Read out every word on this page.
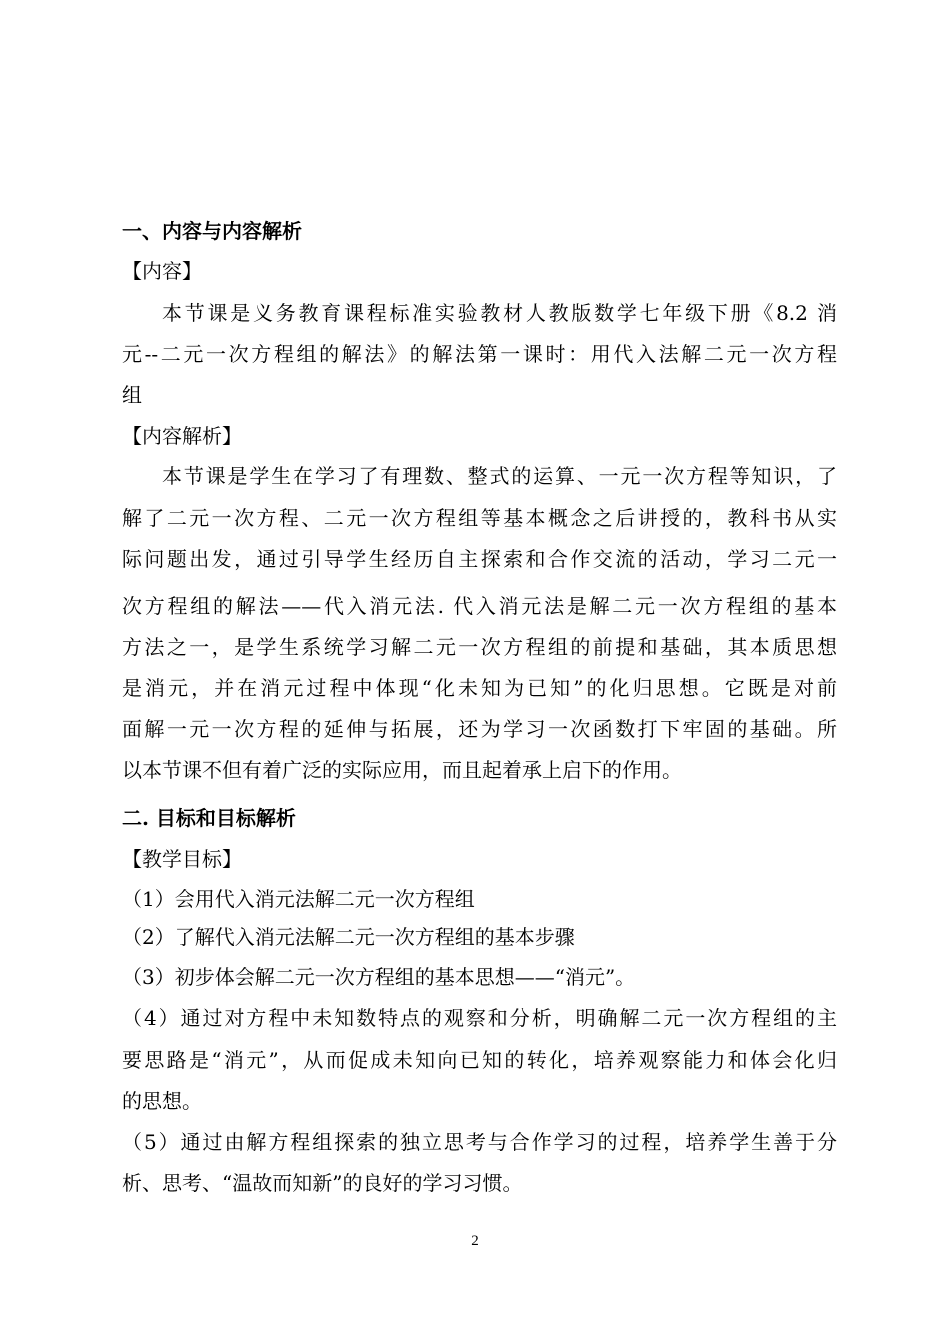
一、内容与内容解析
【内容】
本节课是义务教育课程标准实验教材人教版数学七年级下册《8.2 消
元--二元一次方程组的解法》的解法第一课时：用代入法解二元一次方程
组
【内容解析】
本节课是学生在学习了有理数、整式的运算、一元一次方程等知识，了
解了二元一次方程、二元一次方程组等基本概念之后讲授的，教科书从实
际问题出发，通过引导学生经历自主探索和合作交流的活动，学习二元一
次方程组的解法——代入消元法. 代入消元法是解二元一次方程组的基本
方法之一，是学生系统学习解二元一次方程组的前提和基础，其本质思想
是消元，并在消元过程中体现“化未知为已知”的化归思想。它既是对前
面解一元一次方程的延伸与拓展，还为学习一次函数打下牢固的基础。所
以本节课不但有着广泛的实际应用，而且起着承上启下的作用。
二. 目标和目标解析
【教学目标】
（1）会用代入消元法解二元一次方程组
（2）了解代入消元法解二元一次方程组的基本步骤
（3）初步体会解二元一次方程组的基本思想——“消元”。
（4）通过对方程中未知数特点的观察和分析，明确解二元一次方程组的主
要思路是“消元”，从而促成未知向已知的转化，培养观察能力和体会化归
的思想。
（5）通过由解方程组探索的独立思考与合作学习的过程，培养学生善于分
析、思考、“温故而知新”的良好的学习习惯。
2
